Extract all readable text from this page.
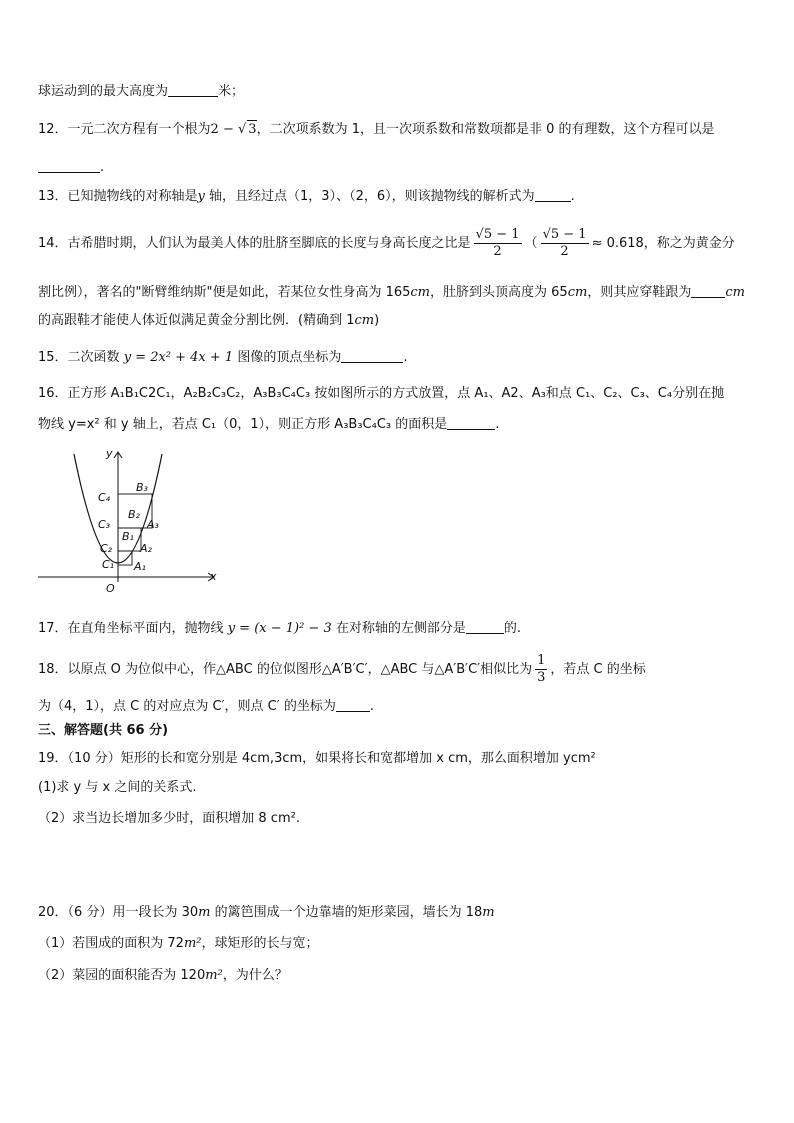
球运动到的最大高度为	米；
12．一元二次方程有一个根为2 − √ 3，二次项系数为 1，且一次项系数和常数项都是非 0 的有理数，这个方程可以是
.
13．已知抛物线的对称轴是y 轴，且经过点（1，3）、（2，6），则该抛物线的解析式为	.
14．古希腊时期，人们认为最美人体的肚脐至脚底的长度与身高长度之比是 $\frac{√5 - 1}{2}$ （ $\frac{√5 - 1}{2} \approx 0.618$，称之为黄金分
割比例），著名的"断臂维纳斯"便是如此，若某位女性身高为 165cm，肚脐到头顶高度为 65cm，则其应穿鞋跟为	cm
的高跟鞋才能使人体近似满足黄金分割比例．(精确到 1cm)
15．二次函数 y = 2x² + 4x + 1 图像的顶点坐标为	.
16．正方形 A₁B₁C2C₁，A₂B₂C₃C₂，A₃B₃C₄C₃ 按如图所示的方式放置，点 A₁、A2、A₃和点 C₁、C₂、C₃、C₄分别在抛
物线 y=x² 和 y 轴上，若点 C₁（0，1），则正方形 A₃B₃C₄C₃ 的面积是	.
x
y
O
B₃
C₄
B₂
C₃	A₃
B₁
C₂	A₂
C₁ A₁
17．在直角坐标平面内，抛物线 y = (x − 1)² − 3 在对称轴的左侧部分是	的.
18．以原点 O 为位似中心，作△ABC 的位似图形△A′B′C′，△ABC 与△A′B′C′相似比为 $\frac{1}{3}$ ，若点 C 的坐标
为（4，1），点 C 的对应点为 C′，则点 C′ 的坐标为	.
三、解答题(共 66 分)
19．（10 分）矩形的长和宽分别是 4cm,3cm，如果将长和宽都增加 x cm，那么面积增加 ycm²
(1)求 y 与 x 之间的关系式.
（2）求当边长增加多少时，面积增加 8 cm².
20．（6 分）用一段长为 30m 的篱笆围成一个边靠墙的矩形菜园，墙长为 18m
（1）若围成的面积为 72m²，球矩形的长与宽；
（2）菜园的面积能否为 120m²，为什么？
